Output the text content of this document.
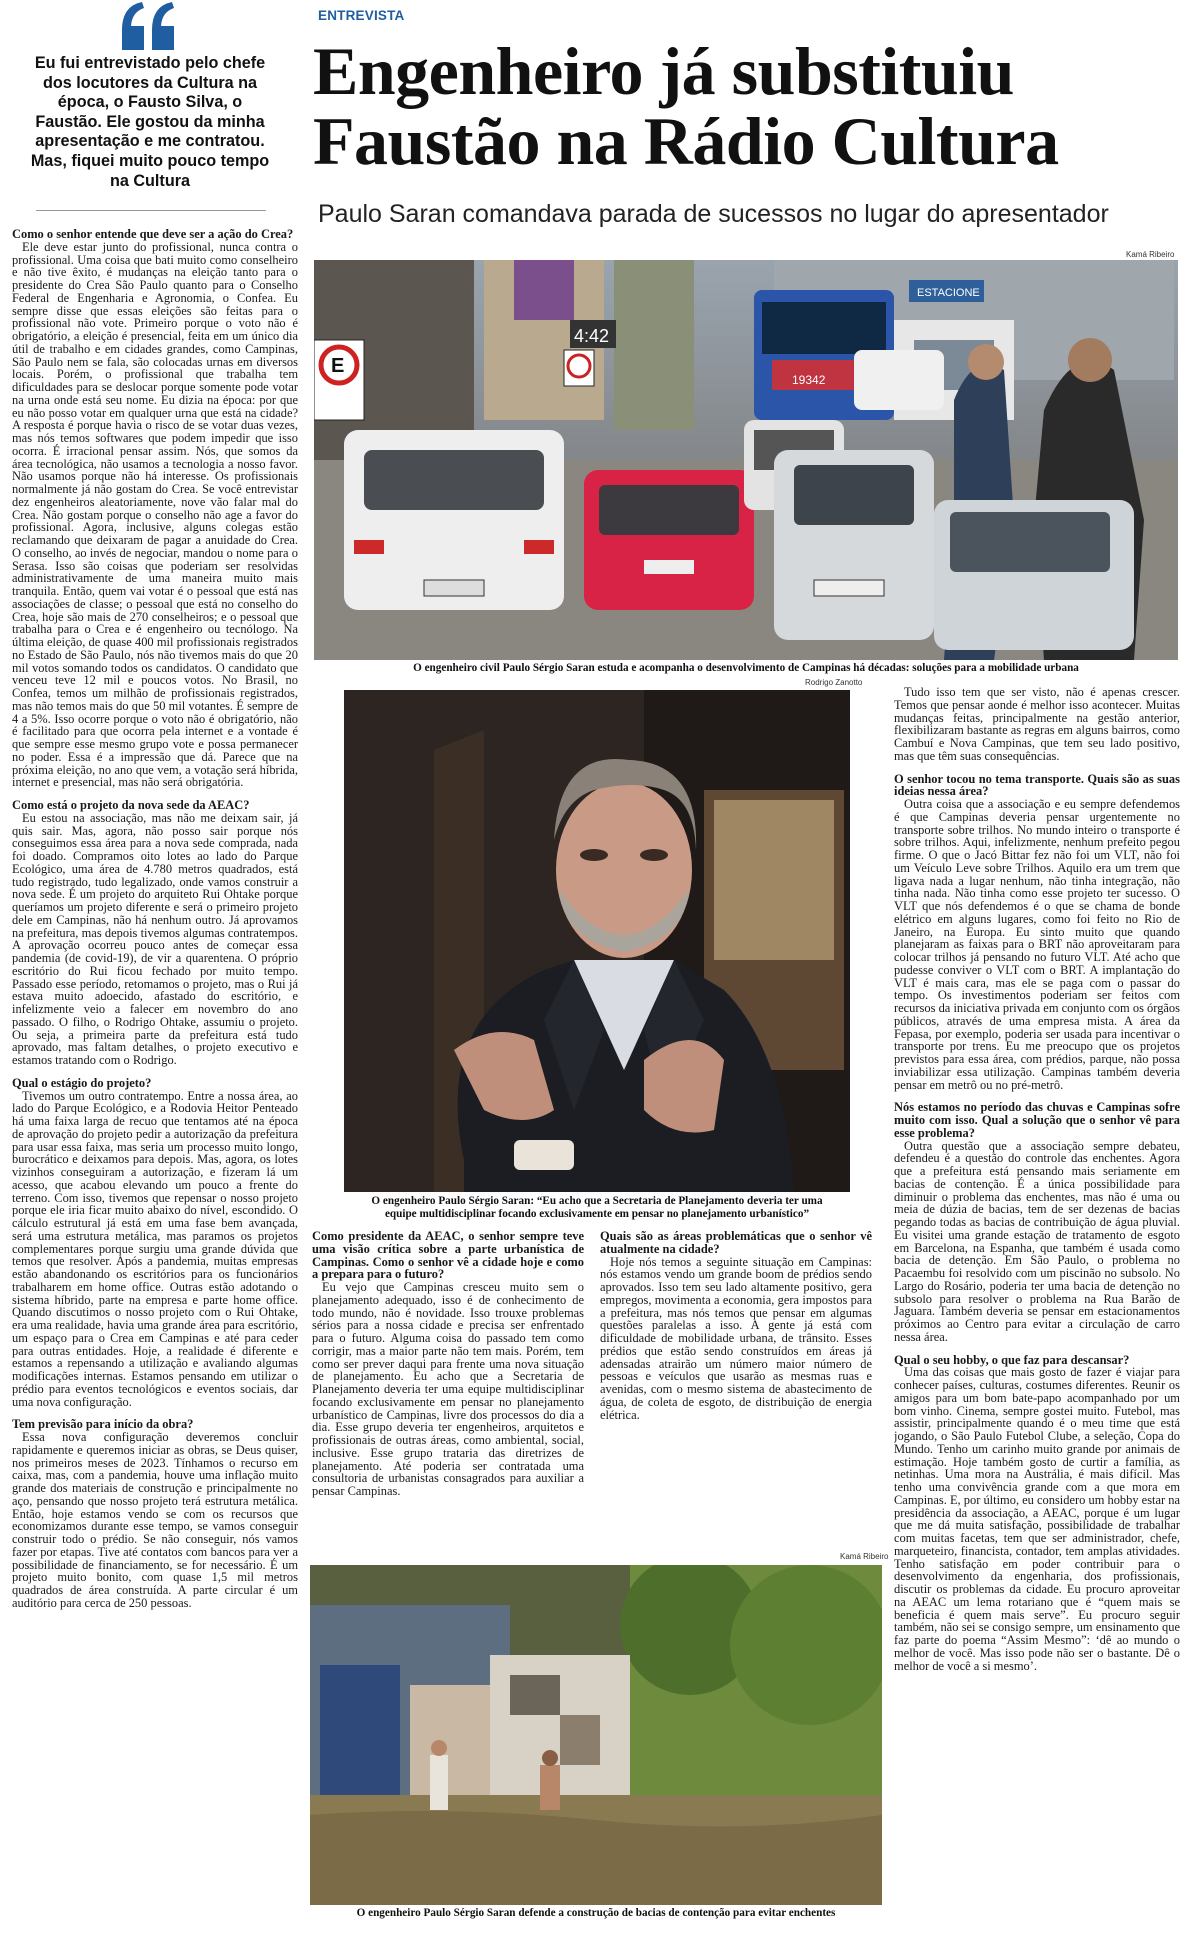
Eu fui entrevistado pelo chefe dos locutores da Cultura na época, o Fausto Silva, o Faustão. Ele gostou da minha apresentação e me contratou. Mas, fiquei muito pouco tempo na Cultura
ENTREVISTA
Engenheiro já substituiu
Faustão na Rádio Cultura
Paulo Saran comandava parada de sucessos no lugar do apresentador
Kamá Ribeiro
ESTACIONE
4:42
E
19342
O engenheiro civil Paulo Sérgio Saran estuda e acompanha o desenvolvimento de Campinas há décadas: soluções para a mobilidade urbana
Rodrigo Zanotto
O engenheiro Paulo Sérgio Saran: “Eu acho que a Secretaria de Planejamento deveria ter uma
equipe multidisciplinar focando exclusivamente em pensar no planejamento urbanístico”
Kamá Ribeiro
O engenheiro Paulo Sérgio Saran defende a construção de bacias de contenção para evitar enchentes

Como o senhor entende que deve ser a ação do Crea?

Ele deve estar junto do profissional, nunca contra o profissional. Uma coisa que bati muito como conselheiro e não tive êxito, é mudanças na eleição tanto para o presidente do Crea São Paulo quanto para o Conselho Federal de Engenharia e Agronomia, o Confea. Eu sempre disse que essas eleições são feitas para o profissional não vote. Primeiro porque o voto não é obrigatório, a eleição é presencial, feita em um único dia útil de trabalho e em cidades grandes, como Campinas, São Paulo nem se fala, são colocadas urnas em diversos locais. Porém, o profissional que trabalha tem dificuldades para se deslocar porque somente pode votar na urna onde está seu nome. Eu dizia na época: por que eu não posso votar em qualquer urna que está na cidade? A resposta é porque havia o risco de se votar duas vezes, mas nós temos softwares que podem impedir que isso ocorra. É irracional pensar assim. Nós, que somos da área tecnológica, não usamos a tecnologia a nosso favor. Não usamos porque não há interesse. Os profissionais normalmente já não gostam do Crea. Se você entrevistar dez engenheiros aleatoriamente, nove vão falar mal do Crea. Não gostam porque o conselho não age a favor do profissional. Agora, inclusive, alguns colegas estão reclamando que deixaram de pagar a anuidade do Crea. O conselho, ao invés de negociar, mandou o nome para o Serasa. Isso são coisas que poderiam ser resolvidas administrativamente de uma maneira muito mais tranquila. Então, quem vai votar é o pessoal que está nas associações de classe; o pessoal que está no conselho do Crea, hoje são mais de 270 conselheiros; e o pessoal que trabalha para o Crea e é engenheiro ou tecnólogo. Na última eleição, de quase 400 mil profissionais registrados no Estado de São Paulo, nós não tivemos mais do que 20 mil votos somando todos os candidatos. O candidato que venceu teve 12 mil e poucos votos. No Brasil, no Confea, temos um milhão de profissionais registrados, mas não temos mais do que 50 mil votantes. É sempre de 4 a 5%. Isso ocorre porque o voto não é obrigatório, não é facilitado para que ocorra pela internet e a vontade é que sempre esse mesmo grupo vote e possa permanecer no poder. Essa é a impressão que dá. Parece que na próxima eleição, no ano que vem, a votação será híbrida, internet e presencial, mas não será obrigatória.

Como está o projeto da nova sede da AEAC?

Eu estou na associação, mas não me deixam sair, já quis sair. Mas, agora, não posso sair porque nós conseguimos essa área para a nova sede comprada, nada foi doado. Compramos oito lotes ao lado do Parque Ecológico, uma área de 4.780 metros quadrados, está tudo registrado, tudo legalizado, onde vamos construir a nova sede. É um projeto do arquiteto Rui Ohtake porque queríamos um projeto diferente e será o primeiro projeto dele em Campinas, não há nenhum outro. Já aprovamos na prefeitura, mas depois tivemos algumas contratempos. A aprovação ocorreu pouco antes de começar essa pandemia (de covid-19), de vir a quarentena. O próprio escritório do Rui ficou fechado por muito tempo. Passado esse período, retomamos o projeto, mas o Rui já estava muito adoecido, afastado do escritório, e infelizmente veio a falecer em novembro do ano passado. O filho, o Rodrigo Ohtake, assumiu o projeto. Ou seja, a primeira parte da prefeitura está tudo aprovado, mas faltam detalhes, o projeto executivo e estamos tratando com o Rodrigo.

Qual o estágio do projeto?

Tivemos um outro contratempo. Entre a nossa área, ao lado do Parque Ecológico, e a Rodovia Heitor Penteado há uma faixa larga de recuo que tentamos até na época de aprovação do projeto pedir a autorização da prefeitura para usar essa faixa, mas seria um processo muito longo, burocrático e deixamos para depois. Mas, agora, os lotes vizinhos conseguiram a autorização, e fizeram lá um acesso, que acabou elevando um pouco a frente do terreno. Com isso, tivemos que repensar o nosso projeto porque ele iria ficar muito abaixo do nível, escondido. O cálculo estrutural já está em uma fase bem avançada, será uma estrutura metálica, mas paramos os projetos complementares porque surgiu uma grande dúvida que temos que resolver. Após a pandemia, muitas empresas estão abandonando os escritórios para os funcionários trabalharem em home office. Outras estão adotando o sistema híbrido, parte na empresa e parte home office. Quando discutimos o nosso projeto com o Rui Ohtake, era uma realidade, havia uma grande área para escritório, um espaço para o Crea em Campinas e até para ceder para outras entidades. Hoje, a realidade é diferente e estamos a repensando a utilização e avaliando algumas modificações internas. Estamos pensando em utilizar o prédio para eventos tecnológicos e eventos sociais, dar uma nova configuração.

Tem previsão para início da obra?

Essa nova configuração deveremos concluir rapidamente e queremos iniciar as obras, se Deus quiser, nos primeiros meses de 2023. Tínhamos o recurso em caixa, mas, com a pandemia, houve uma inflação muito grande dos materiais de construção e principalmente no aço, pensando que nosso projeto terá estrutura metálica. Então, hoje estamos vendo se com os recursos que economizamos durante esse tempo, se vamos conseguir construir todo o prédio. Se não conseguir, nós vamos fazer por etapas. Tive até contatos com bancos para ver a possibilidade de financiamento, se for necessário. É um projeto muito bonito, com quase 1,5 mil metros quadrados de área construída. A parte circular é um auditório para cerca de 250 pessoas.

Como presidente da AEAC, o senhor sempre teve uma visão crítica sobre a parte urbanística de Campinas. Como o senhor vê a cidade hoje e como a prepara para o futuro?

Eu vejo que Campinas cresceu muito sem o planejamento adequado, isso é de conhecimento de todo mundo, não é novidade. Isso trouxe problemas sérios para a nossa cidade e precisa ser enfrentado para o futuro. Alguma coisa do passado tem como corrigir, mas a maior parte não tem mais. Porém, tem como ser prever daqui para frente uma nova situação de planejamento. Eu acho que a Secretaria de Planejamento deveria ter uma equipe multidisciplinar focando exclusivamente em pensar no planejamento urbanístico de Campinas, livre dos processos do dia a dia. Esse grupo deveria ter engenheiros, arquitetos e profissionais de outras áreas, como ambiental, social, inclusive. Esse grupo trataria das diretrizes de planejamento. Até poderia ser contratada uma consultoria de urbanistas consagrados para auxiliar a pensar Campinas.

Quais são as áreas problemáticas que o senhor vê atualmente na cidade?

Hoje nós temos a seguinte situação em Campinas: nós estamos vendo um grande boom de prédios sendo aprovados. Isso tem seu lado altamente positivo, gera empregos, movimenta a economia, gera impostos para a prefeitura, mas nós temos que pensar em algumas questões paralelas a isso. A gente já está com dificuldade de mobilidade urbana, de trânsito. Esses prédios que estão sendo construídos em áreas já adensadas atrairão um número maior número de pessoas e veículos que usarão as mesmas ruas e avenidas, com o mesmo sistema de abastecimento de água, de coleta de esgoto, de distribuição de energia elétrica.

Tudo isso tem que ser visto, não é apenas crescer. Temos que pensar aonde é melhor isso acontecer. Muitas mudanças feitas, principalmente na gestão anterior, flexibilizaram bastante as regras em alguns bairros, como Cambuí e Nova Campinas, que tem seu lado positivo, mas que têm suas consequências.

O senhor tocou no tema transporte. Quais são as suas ideias nessa área?

Outra coisa que a associação e eu sempre defendemos é que Campinas deveria pensar urgentemente no transporte sobre trilhos. No mundo inteiro o transporte é sobre trilhos. Aqui, infelizmente, nenhum prefeito pegou firme. O que o Jacó Bittar fez não foi um VLT, não foi um Veículo Leve sobre Trilhos. Aquilo era um trem que ligava nada a lugar nenhum, não tinha integração, não tinha nada. Não tinha como esse projeto ter sucesso. O VLT que nós defendemos é o que se chama de bonde elétrico em alguns lugares, como foi feito no Rio de Janeiro, na Europa. Eu sinto muito que quando planejaram as faixas para o BRT não aproveitaram para colocar trilhos já pensando no futuro VLT. Até acho que pudesse conviver o VLT com o BRT. A implantação do VLT é mais cara, mas ele se paga com o passar do tempo. Os investimentos poderiam ser feitos com recursos da iniciativa privada em conjunto com os órgãos públicos, através de uma empresa mista. A área da Fepasa, por exemplo, poderia ser usada para incentivar o transporte por trens. Eu me preocupo que os projetos previstos para essa área, com prédios, parque, não possa inviabilizar essa utilização. Campinas também deveria pensar em metrô ou no pré-metrô.

Nós estamos no período das chuvas e Campinas sofre muito com isso. Qual a solução que o senhor vê para esse problema?

Outra questão que a associação sempre debateu, defendeu é a questão do controle das enchentes. Agora que a prefeitura está pensando mais seriamente em bacias de contenção. É a única possibilidade para diminuir o problema das enchentes, mas não é uma ou meia de dúzia de bacias, tem de ser dezenas de bacias pegando todas as bacias de contribuição de água pluvial. Eu visitei uma grande estação de tratamento de esgoto em Barcelona, na Espanha, que também é usada como bacia de detenção. Em São Paulo, o problema no Pacaembu foi resolvido com um piscinão no subsolo. No Largo do Rosário, poderia ter uma bacia de detenção no subsolo para resolver o problema na Rua Barão de Jaguara. Também deveria se pensar em estacionamentos próximos ao Centro para evitar a circulação de carro nessa área.

Qual o seu hobby, o que faz para descansar?

Uma das coisas que mais gosto de fazer é viajar para conhecer países, culturas, costumes diferentes. Reunir os amigos para um bom bate-papo acompanhado por um bom vinho. Cinema, sempre gostei muito. Futebol, mas assistir, principalmente quando é o meu time que está jogando, o São Paulo Futebol Clube, a seleção, Copa do Mundo. Tenho um carinho muito grande por animais de estimação. Hoje também gosto de curtir a família, as netinhas. Uma mora na Austrália, é mais difícil. Mas tenho uma convivência grande com a que mora em Campinas. E, por último, eu considero um hobby estar na presidência da associação, a AEAC, porque é um lugar que me dá muita satisfação, possibilidade de trabalhar com muitas facetas, tem que ser administrador, chefe, marqueteiro, financista, contador, tem amplas atividades. Tenho satisfação em poder contribuir para o desenvolvimento da engenharia, dos profissionais, discutir os problemas da cidade. Eu procuro aproveitar na AEAC um lema rotariano que é “quem mais se beneficia é quem mais serve”. Eu procuro seguir também, não sei se consigo sempre, um ensinamento que faz parte do poema “Assim Mesmo”: ‘dê ao mundo o melhor de você. Mas isso pode não ser o bastante. Dê o melhor de você a si mesmo’.
